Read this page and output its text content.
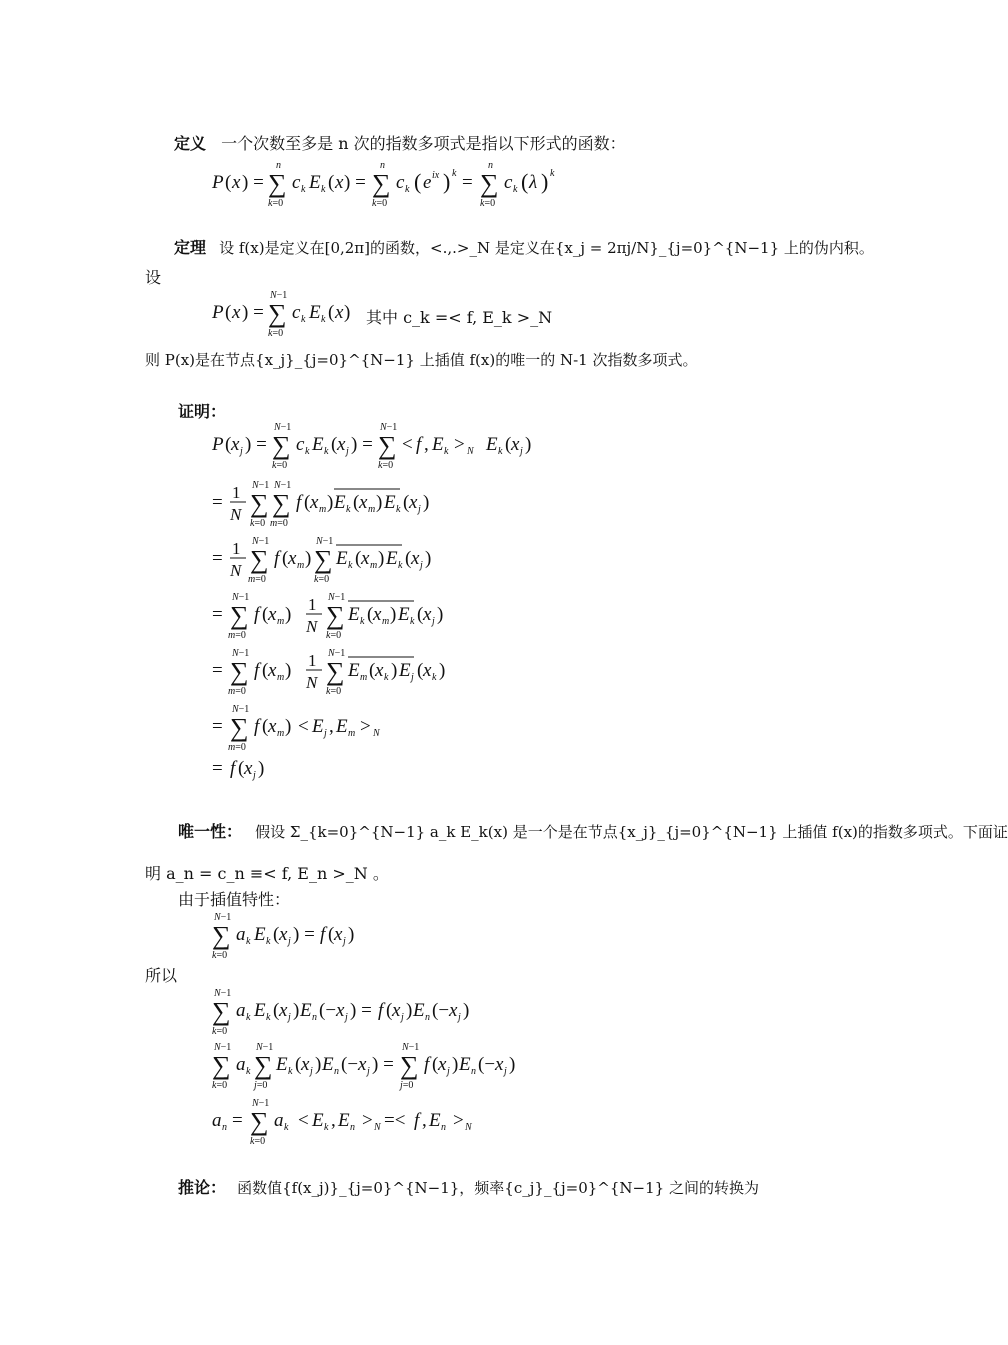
定义 一个次数至多是 n 次的指数多项式是指以下形式的函数：
P ( x ) = ∑
n
k=0
c k E k ( x ) = ∑
n
k=0
c k ( e ix ) k = ∑
n
k=0
c k ( λ ) k
定理 设 f(x)是定义在[0,2π]的函数，<.,.>_N 是定义在{x_j = 2πj/N}_{j=0}^{N−1} 上的伪内积。
设
P ( x ) = ∑
N−1
k=0
c k E k ( x ) 其中 c_k =< f, E_k >_N
则 P(x)是在节点{x_j}_{j=0}^{N−1} 上插值 f(x)的唯一的 N-1 次指数多项式。
证明：
P ( x j ) = ∑
N−1
k=0
c k E k ( x j ) = ∑
N−1
k=0
< f , E k > N E k ( x j )
= 1
N ∑
N−1
k=0
∑
N−1
m=0
f ( x m ) E k ( x m ) E k ( x j )
= 1
N ∑
N−1
m=0
f ( x m ) ∑
N−1
k=0
E k ( x m ) E k ( x j )
= ∑
N−1
m=0
f ( x m ) 1
N ∑
N−1
k=0
E k ( x m ) E k ( x j )
= ∑
N−1
m=0
f ( x m ) 1
N ∑
N−1
k=0
E m ( x k ) E j ( x k )
= ∑
N−1
m=0
f ( x m ) < E j , E m > N
= f ( x j )
唯一性： 假设 Σ_{k=0}^{N−1} a_k E_k(x) 是一个是在节点{x_j}_{j=0}^{N−1} 上插值 f(x)的指数多项式。下面证
明 a_n = c_n ≡< f, E_n >_N 。
由于插值特性：
∑
N−1
k=0
a k E k ( x j ) = f ( x j )
所以
∑
N−1
k=0
a k E k ( x j ) E n (− x j ) = f ( x j ) E n (− x j )
∑
N−1
k=0
a k ∑
N−1
j=0
E k ( x j ) E n (− x j ) = ∑
N−1
j=0
f ( x j ) E n (− x j )
a n = ∑
N−1
k=0
a k < E k , E n > N =< f , E n > N
推论： 函数值{f(x_j)}_{j=0}^{N−1}，频率{c_j}_{j=0}^{N−1} 之间的转换为
